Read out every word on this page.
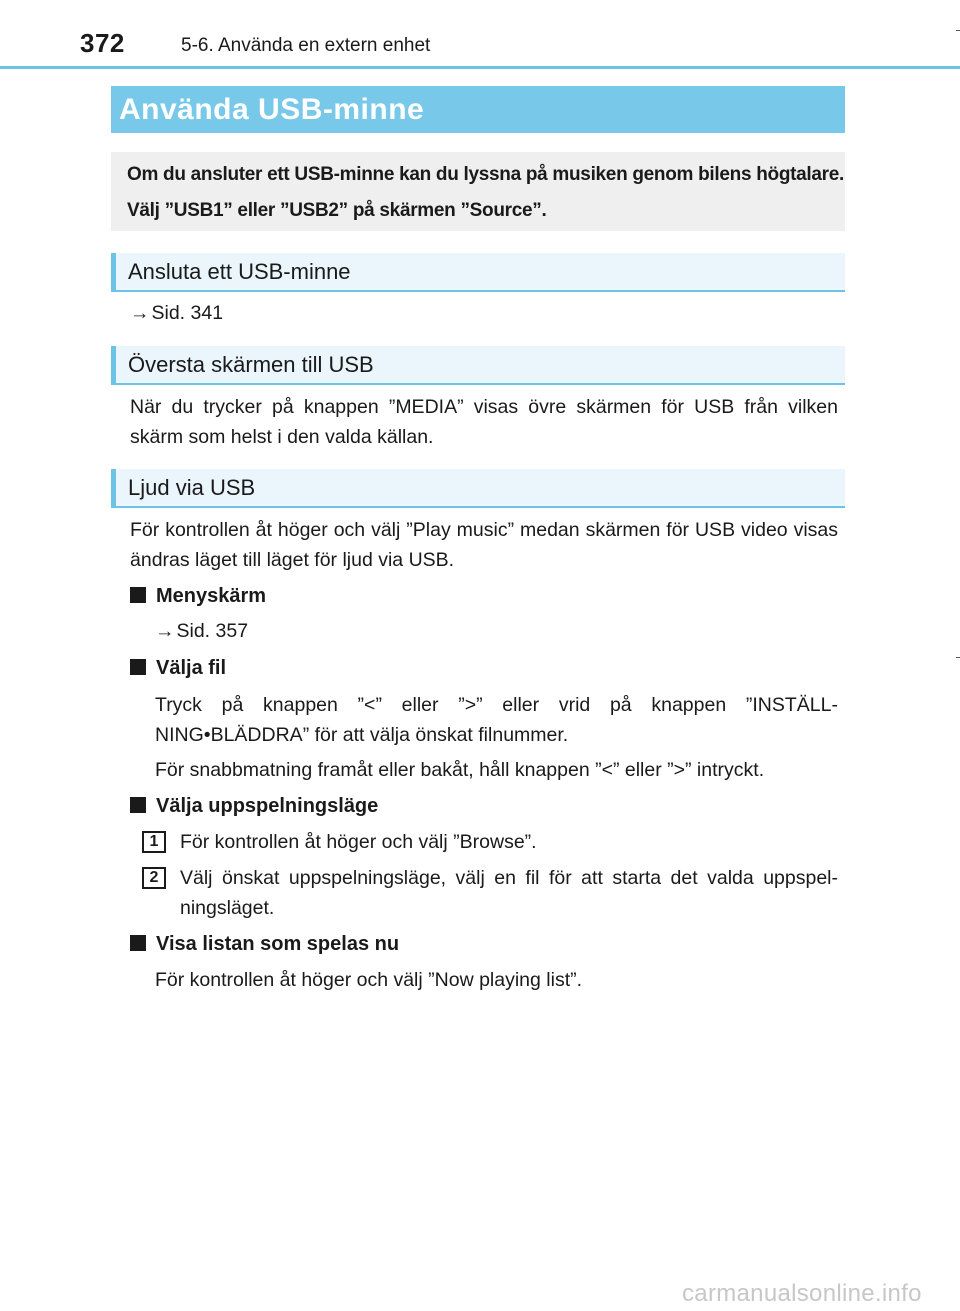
372	5-6. Använda en extern enhet
Använda USB-minne

Om du ansluter ett USB-minne kan du lyssna på musiken genom bilens högtalare.

Välj ”USB1” eller ”USB2” på skärmen ”Source”.

Ansluta ett USB-minne
→ Sid. 341
Översta skärmen till USB
När du trycker på knappen ”MEDIA” visas övre skärmen för USB från vilken skärm som helst i den valda källan.
Ljud via USB
För kontrollen åt höger och välj ”Play music” medan skärmen för USB video visas ändras läget till läget för ljud via USB.
Menyskärm
→ Sid. 357
Välja fil
Tryck på knappen ”<” eller ”>” eller vrid på knappen ”INSTÄLL-NING•BLÄDDRA” för att välja önskat filnummer.
För snabbmatning framåt eller bakåt, håll knappen ”<” eller ”>” intryckt.
Välja uppspelningsläge
1	För kontrollen åt höger och välj ”Browse”.
2	Välj önskat uppspelningsläge, välj en fil för att starta det valda uppspel-ningsläget.
Visa listan som spelas nu
För kontrollen åt höger och välj ”Now playing list”.
carmanualsonline.info
